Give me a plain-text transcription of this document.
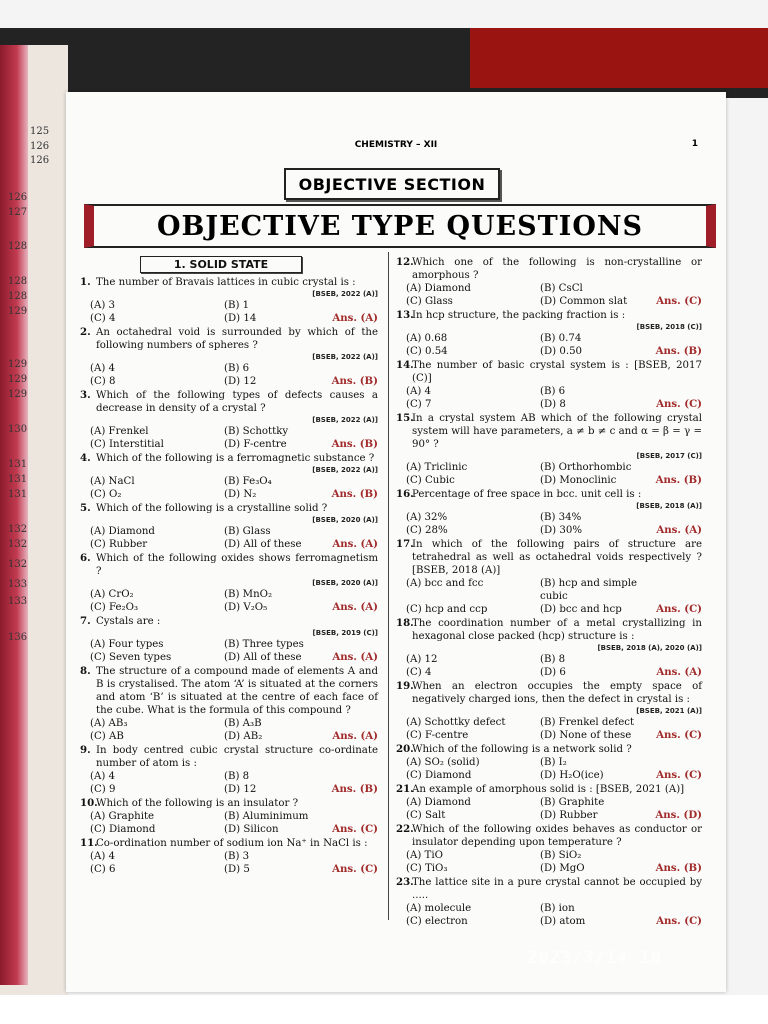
125
126
126
126
127
128
128
128
129
129
129
129
130
131
131
131
132
132
132
133
133
136
CHEMISTRY – XII	1
OBJECTIVE SECTION
OBJECTIVE TYPE QUESTIONS
1. SOLID STATE
1. The number of Bravais lattices in cubic crystal is :
[BSEB, 2022 (A)]
(A) 3	(B) 1
(C) 4	(D) 14	Ans. (A)
2. An octahedral void is surrounded by which of the following numbers of spheres ?
[BSEB, 2022 (A)]
(A) 4	(B) 6
(C) 8	(D) 12	Ans. (B)
3. Which of the following types of defects causes a decrease in density of a crystal ?
[BSEB, 2022 (A)]
(A) Frenkel	(B) Schottky
(C) Interstitial	(D) F-centre	Ans. (B)
4. Which of the following is a ferromagnetic substance ?
[BSEB, 2022 (A)]
(A) NaCl	(B) Fe₃O₄
(C) O₂	(D) N₂	Ans. (B)
5. Which of the following is a crystalline solid ?
[BSEB, 2020 (A)]
(A) Diamond	(B) Glass
(C) Rubber	(D) All of these	Ans. (A)
6. Which of the following oxides shows ferromagnetism ?
[BSEB, 2020 (A)]
(A) CrO₂	(B) MnO₂
(C) Fe₂O₃	(D) V₂O₅	Ans. (A)
7. Cystals are :
[BSEB, 2019 (C)]
(A) Four types	(B) Three types
(C) Seven types	(D) All of these	Ans. (A)
8. The structure of a compound made of elements A and B is crystalised. The atom ‘A’ is situated at the corners and atom ‘B’ is situated at the centre of each face of the cube. What is the formula of this compound ?
(A) AB₃	(B) A₃B
(C) AB	(D) AB₂	Ans. (A)
9. In body centred cubic crystal structure co-ordinate number of atom is :
(A) 4	(B) 8
(C) 9	(D) 12	Ans. (B)
10.
Which of the following is an insulator ?
(A) Graphite	(B) Aluminimum
(C) Diamond	(D) Silicon	Ans. (C)
11.
Co-ordination number of sodium ion Na⁺ in NaCl is :
(A) 4	(B) 3
(C) 6	(D) 5	Ans. (C)
12.
Which one of the following is non-crystalline or amorphous ?
(A) Diamond	(B) CsCl
(C) Glass	(D) Common slat	Ans. (C)
13.
In hcp structure, the packing fraction is :
[BSEB, 2018 (C)]
(A) 0.68	(B) 0.74
(C) 0.54	(D) 0.50	Ans. (B)
14.
The number of basic crystal system is : [BSEB, 2017 (C)]
(A) 4	(B) 6
(C) 7	(D) 8	Ans. (C)
15.
In a crystal system AB which of the following crystal system will have parameters, a ≠ b ≠ c and α = β = γ = 90° ?
[BSEB, 2017 (C)]
(A) Triclinic	(B) Orthorhombic
(C) Cubic	(D) Monoclinic	Ans. (B)
16.
Percentage of free space in bcc. unit cell is :
[BSEB, 2018 (A)]
(A) 32%	(B) 34%
(C) 28%	(D) 30%	Ans. (A)
17.
In which of the following pairs of structure are tetrahedral as well as octahedral voids respectively ?[BSEB, 2018 (A)]
(A) bcc and fcc	(B) hcp and simple cubic
(C) hcp and ccp	(D) bcc and hcp	Ans. (C)
18.
The coordination number of a metal crystallizing in hexagonal close packed (hcp) structure is :
[BSEB, 2018 (A), 2020 (A)]
(A) 12	(B) 8
(C) 4	(D) 6	Ans. (A)
19.
When an electron occupies the empty space of negatively charged ions, then the defect in crystal is :
[BSEB, 2021 (A)]
(A) Schottky defect	(B) Frenkel defect
(C) F-centre	(D) None of these	Ans. (C)
20.
Which of the following is a network solid ?
(A) SO₂ (solid)	(B) I₂
(C) Diamond	(D) H₂O(ice)	Ans. (C)
21.
An example of amorphous solid is : [BSEB, 2021 (A)]
(A) Diamond	(B) Graphite
(C) Salt	(D) Rubber	Ans. (D)
22.
Which of the following oxides behaves as conductor or insulator depending upon temperature ?
(A) TiO	(B) SiO₂
(C) TiO₃	(D) MgO	Ans. (B)
23.
The lattice site in a pure crystal cannot be occupied by .....
(A) molecule	(B) ion
(C) electron	(D) atom	Ans. (C)
2023/3/14 18
